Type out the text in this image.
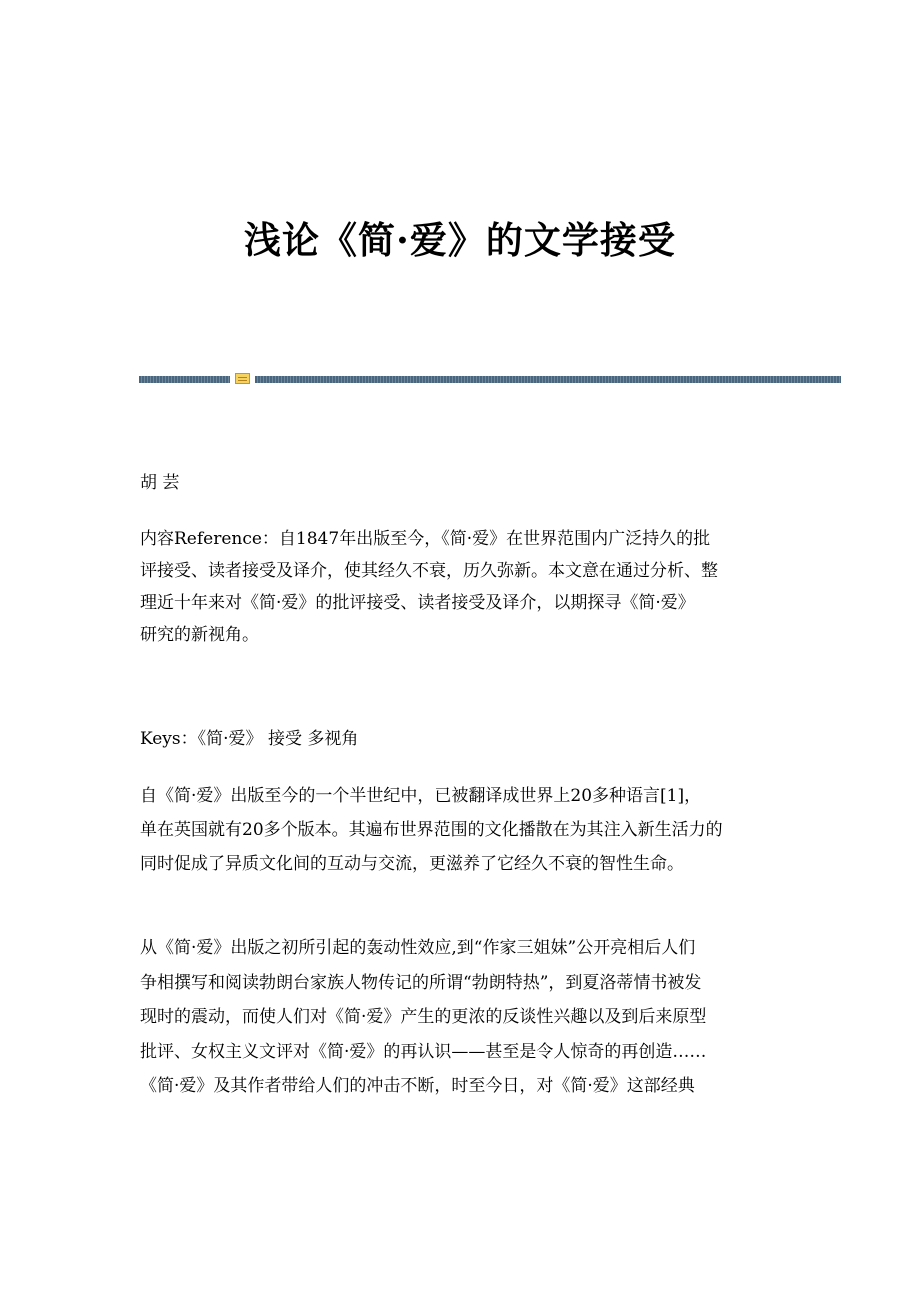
浅论《简·爱》的文学接受
胡 芸
内容Reference：自1847年出版至今，《简·爱》在世界范围内广泛持久的批
评接受、读者接受及译介，使其经久不衰，历久弥新。本文意在通过分析、整
理近十年来对《简·爱》的批评接受、读者接受及译介，以期探寻《简·爱》
研究的新视角。
Keys：《简·爱》 接受 多视角
自《简·爱》出版至今的一个半世纪中，已被翻译成世界上20多种语言[1]，
单在英国就有20多个版本。其遍布世界范围的文化播散在为其注入新生活力的
同时促成了异质文化间的互动与交流，更滋养了它经久不衰的智性生命。
从《简·爱》出版之初所引起的轰动性效应,到“作家三姐妹”公开亮相后人们
争相撰写和阅读勃朗台家族人物传记的所谓“勃朗特热”，到夏洛蒂情书被发
现时的震动，而使人们对《简·爱》产生的更浓的反谈性兴趣以及到后来原型
批评、女权主义文评对《简·爱》的再认识——甚至是令人惊奇的再创造……
《简·爱》及其作者带给人们的冲击不断，时至今日，对《简·爱》这部经典
